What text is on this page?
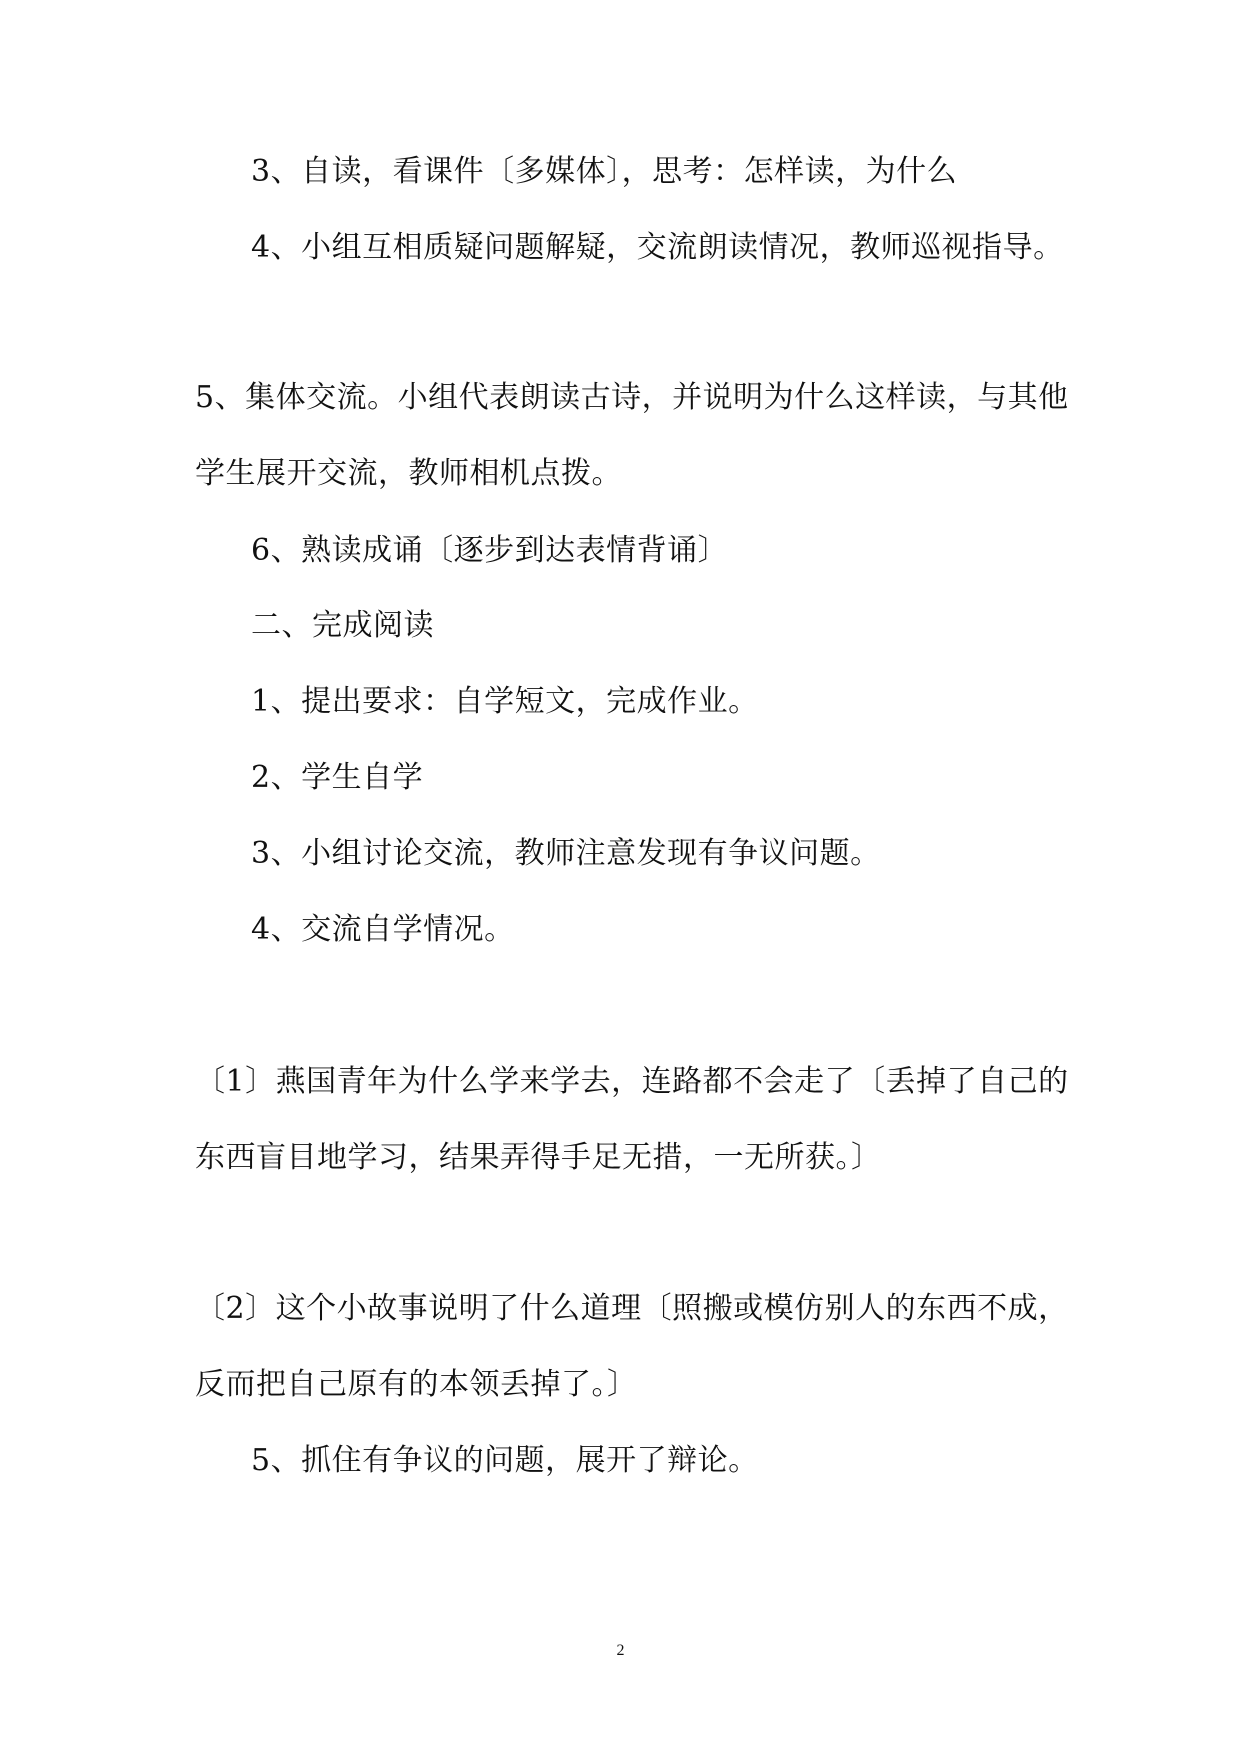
3、自读，看课件〔多媒体〕，思考：怎样读，为什么
4、小组互相质疑问题解疑，交流朗读情况，教师巡视指导。
5、集体交流。小组代表朗读古诗，并说明为什么这样读，与其他
学生展开交流，教师相机点拨。
6、熟读成诵〔逐步到达表情背诵〕
二、完成阅读
1、提出要求：自学短文，完成作业。
2、学生自学
3、小组讨论交流，教师注意发现有争议问题。
4、交流自学情况。
〔1〕燕国青年为什么学来学去，连路都不会走了〔丢掉了自己的
东西盲目地学习，结果弄得手足无措，一无所获。〕
〔2〕这个小故事说明了什么道理〔照搬或模仿别人的东西不成，
反而把自己原有的本领丢掉了。〕
5、抓住有争议的问题，展开了辩论。
2
